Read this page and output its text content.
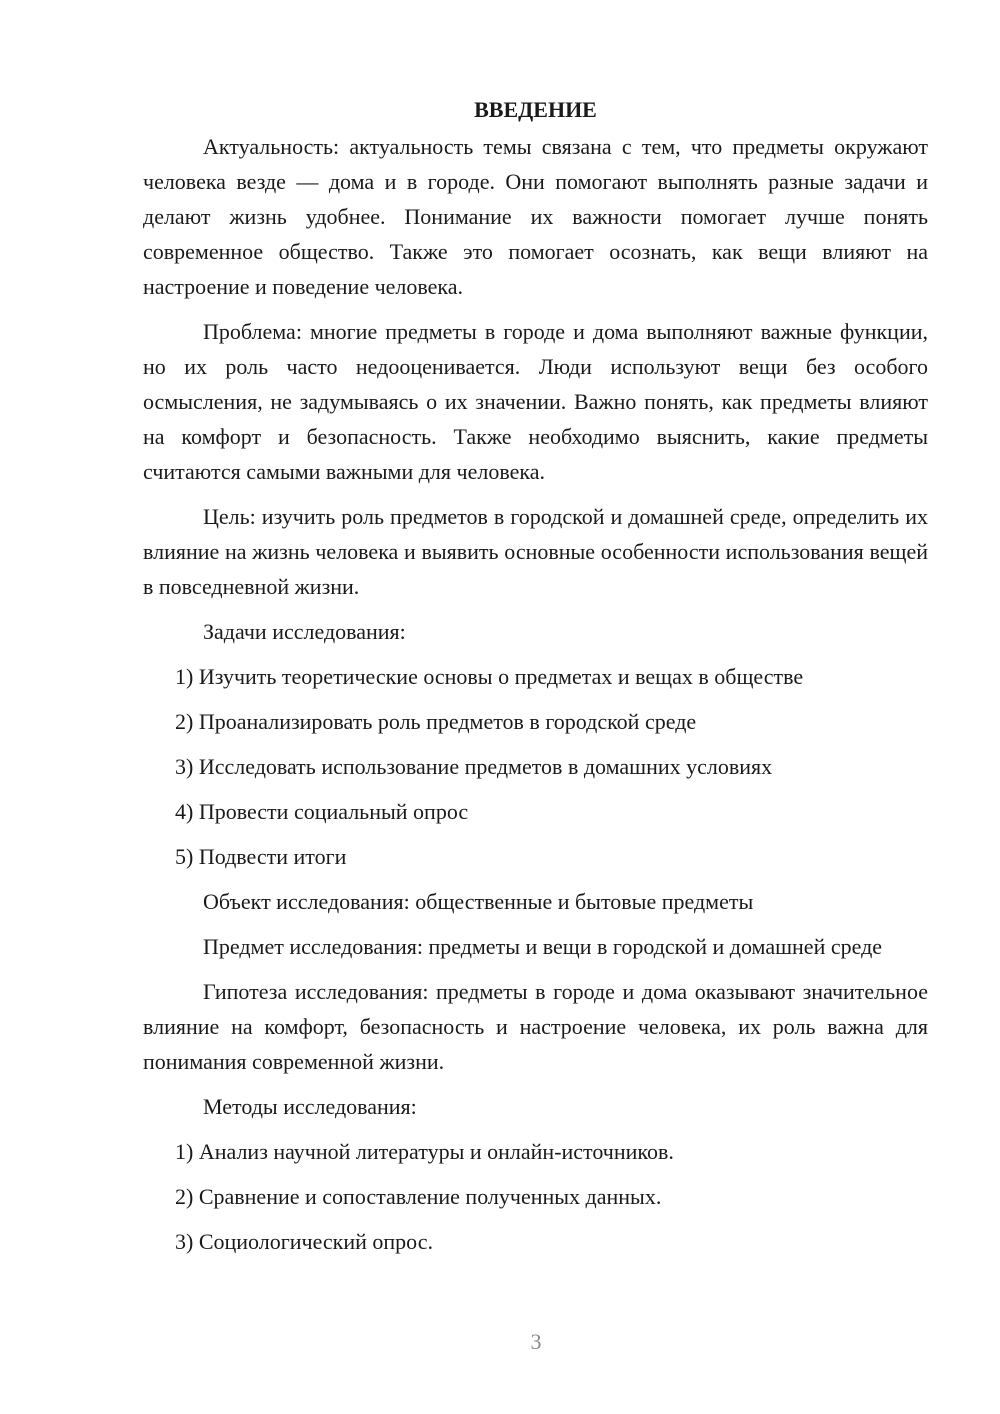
ВВЕДЕНИЕ

Актуальность: актуальность темы связана с тем, что предметы окружают человека везде — дома и в городе. Они помогают выполнять разные задачи и делают жизнь удобнее. Понимание их важности помогает лучше понять современное общество. Также это помогает осознать, как вещи влияют на настроение и поведение человека.

Проблема: многие предметы в городе и дома выполняют важные функции, но их роль часто недооценивается. Люди используют вещи без особого осмысления, не задумываясь о их значении. Важно понять, как предметы влияют на комфорт и безопасность. Также необходимо выяснить, какие предметы считаются самыми важными для человека.

Цель: изучить роль предметов в городской и домашней среде, определить их влияние на жизнь человека и выявить основные особенности использования вещей в повседневной жизни.

Задачи исследования:

1) Изучить теоретические основы о предметах и вещах в обществе

2) Проанализировать роль предметов в городской среде

3) Исследовать использование предметов в домашних условиях

4) Провести социальный опрос

5) Подвести итоги

Объект исследования: общественные и бытовые предметы

Предмет исследования: предметы и вещи в городской и домашней среде

Гипотеза исследования: предметы в городе и дома оказывают значительное влияние на комфорт, безопасность и настроение человека, их роль важна для понимания современной жизни.

Методы исследования:

1) Анализ научной литературы и онлайн-источников.

2) Сравнение и сопоставление полученных данных.

3) Социологический опрос.

3
